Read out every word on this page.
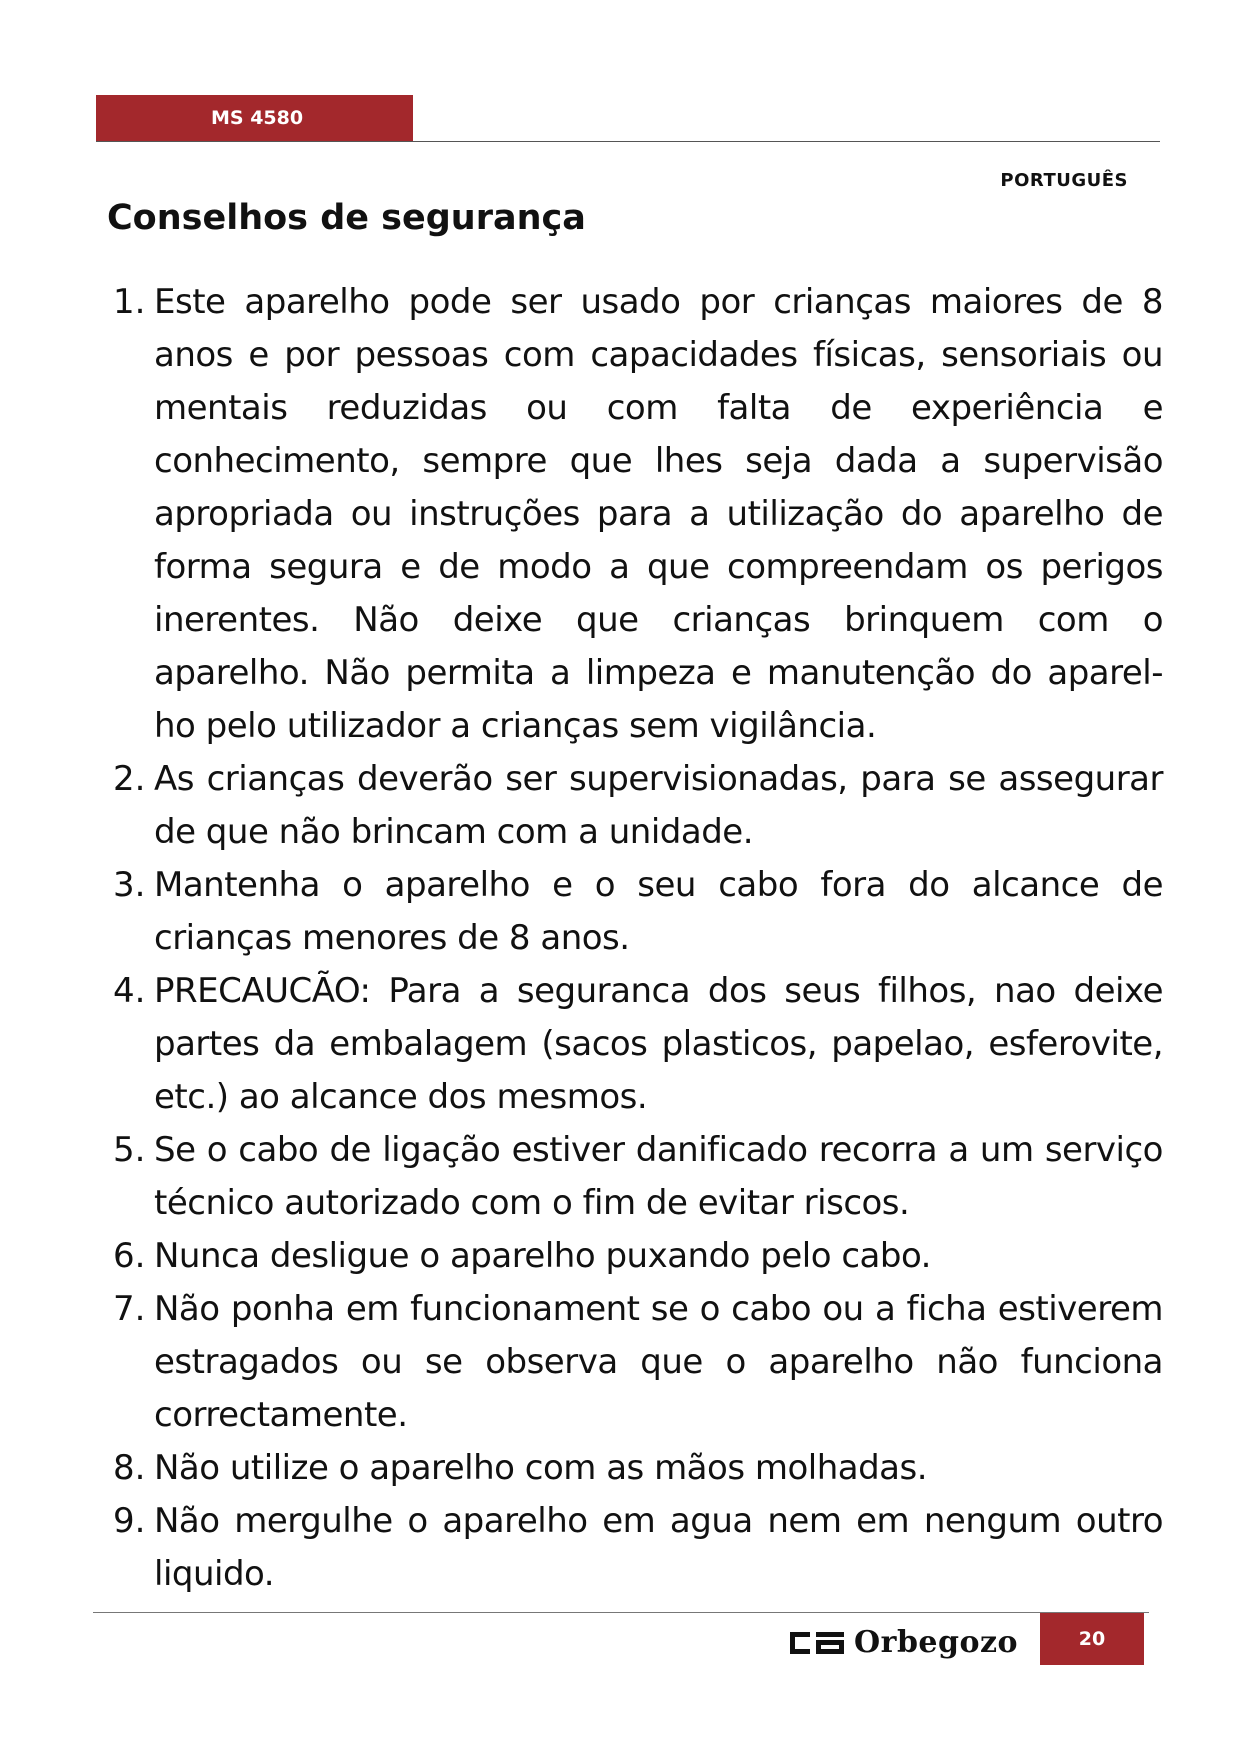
MS 4580
PORTUGUÊS
Conselhos de segurança
1. Este aparelho pode ser usado por crianças maiores de 8 anos e por pessoas com capacidades físicas, sensoriais ou mentais reduzidas ou com falta de experiência e conhecimento, sempre que lhes seja dada a supervisão apropriada ou instruções para a utilização do aparelho de forma segura e de modo a que compreendam os perigos inerentes. Não deixe que crianças brinquem com o aparelho. Não permita a limpeza e manutenção do aparel-ho pelo utilizador a crianças sem vigilância.
2. As crianças deverão ser supervisionadas, para se assegurar de que não brincam com a unidade.
3. Mantenha o aparelho e o seu cabo fora do alcance de crianças menores de 8 anos.
4. PRECAUCÃO: Para a seguranca dos seus filhos, nao deixe partes da embalagem (sacos plasticos, papelao, esferovite, etc.) ao alcance dos mesmos.
5. Se o cabo de ligação estiver danificado recorra a um serviço técnico autorizado com o fim de evitar riscos.
6. Nunca desligue o aparelho puxando pelo cabo.
7. Não ponha em funcionament se o cabo ou a ficha estiverem estragados ou se observa que o aparelho não funciona correctamente.
8. Não utilize o aparelho com as mãos molhadas.
9. Não mergulhe o aparelho em agua nem em nengum outro liquido.
Orbegozo	20
